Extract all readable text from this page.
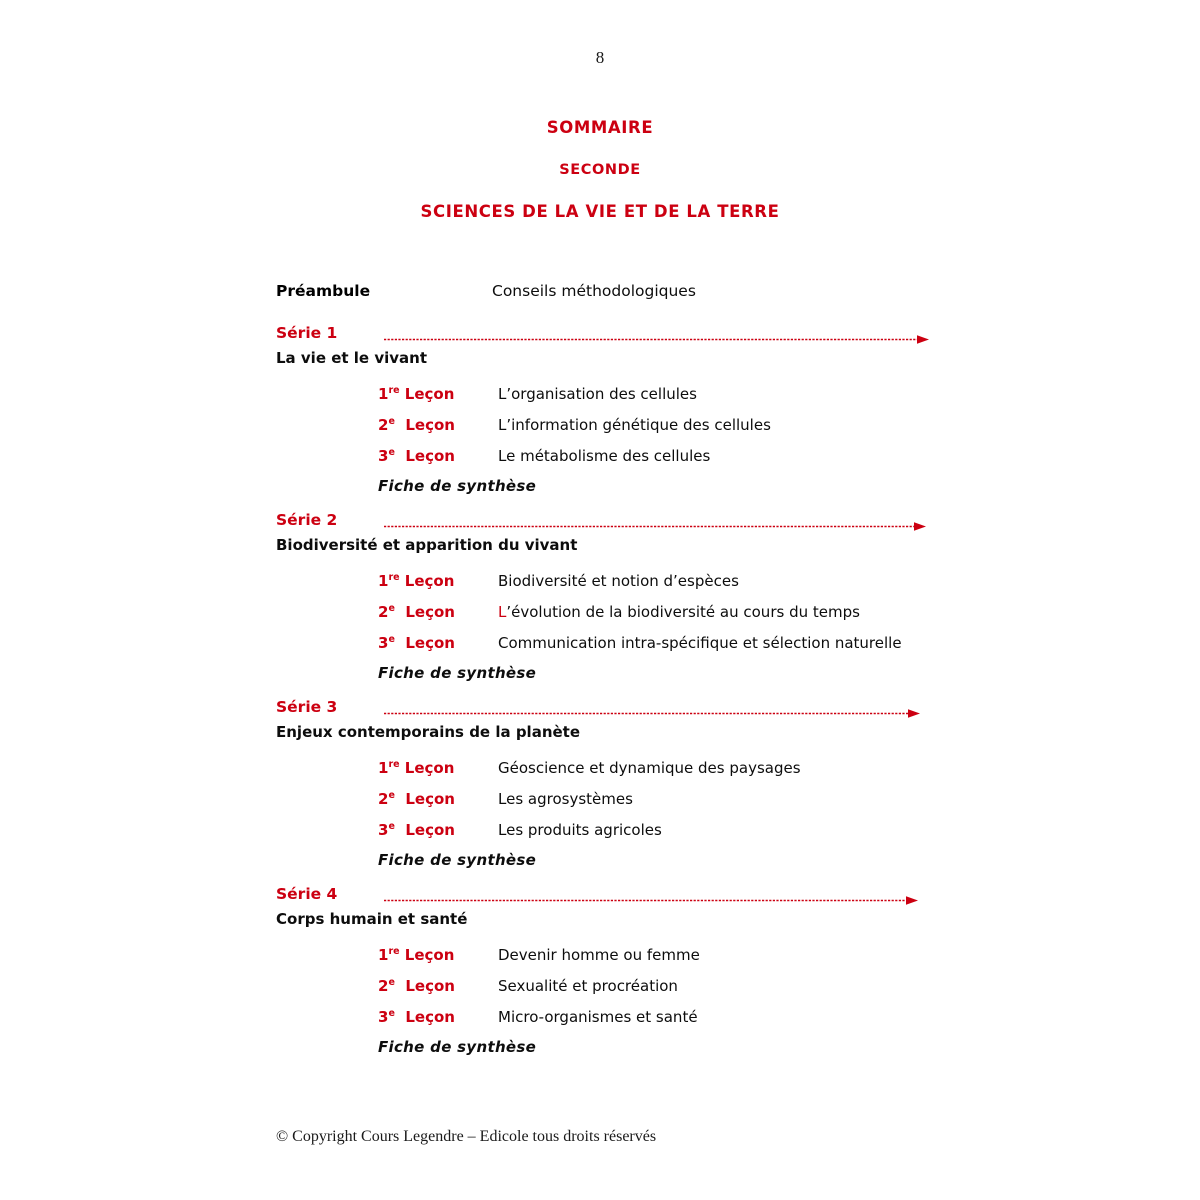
8
SOMMAIRE
SECONDE
SCIENCES DE LA VIE ET DE LA TERRE
Préambule	Conseils méthodologiques
Série 1
La vie et le vivant
1re Leçon	L’organisation des cellules
2e  Leçon	L’information génétique des cellules
3e  Leçon	Le métabolisme des cellules
Fiche de synthèse
Série 2
Biodiversité et apparition du vivant
1re Leçon	Biodiversité et notion d’espèces
2e  Leçon	L’évolution de la biodiversité au cours du temps
3e  Leçon	Communication intra-spécifique et sélection naturelle
Fiche de synthèse
Série 3
Enjeux contemporains de la planète
1re Leçon	Géoscience et dynamique des paysages
2e  Leçon	Les agrosystèmes
3e  Leçon	Les produits agricoles
Fiche de synthèse
Série 4
Corps humain et santé
1re Leçon	Devenir homme ou femme
2e  Leçon	Sexualité et procréation
3e  Leçon	Micro-organismes et santé
Fiche de synthèse
© Copyright Cours Legendre – Edicole tous droits réservés
